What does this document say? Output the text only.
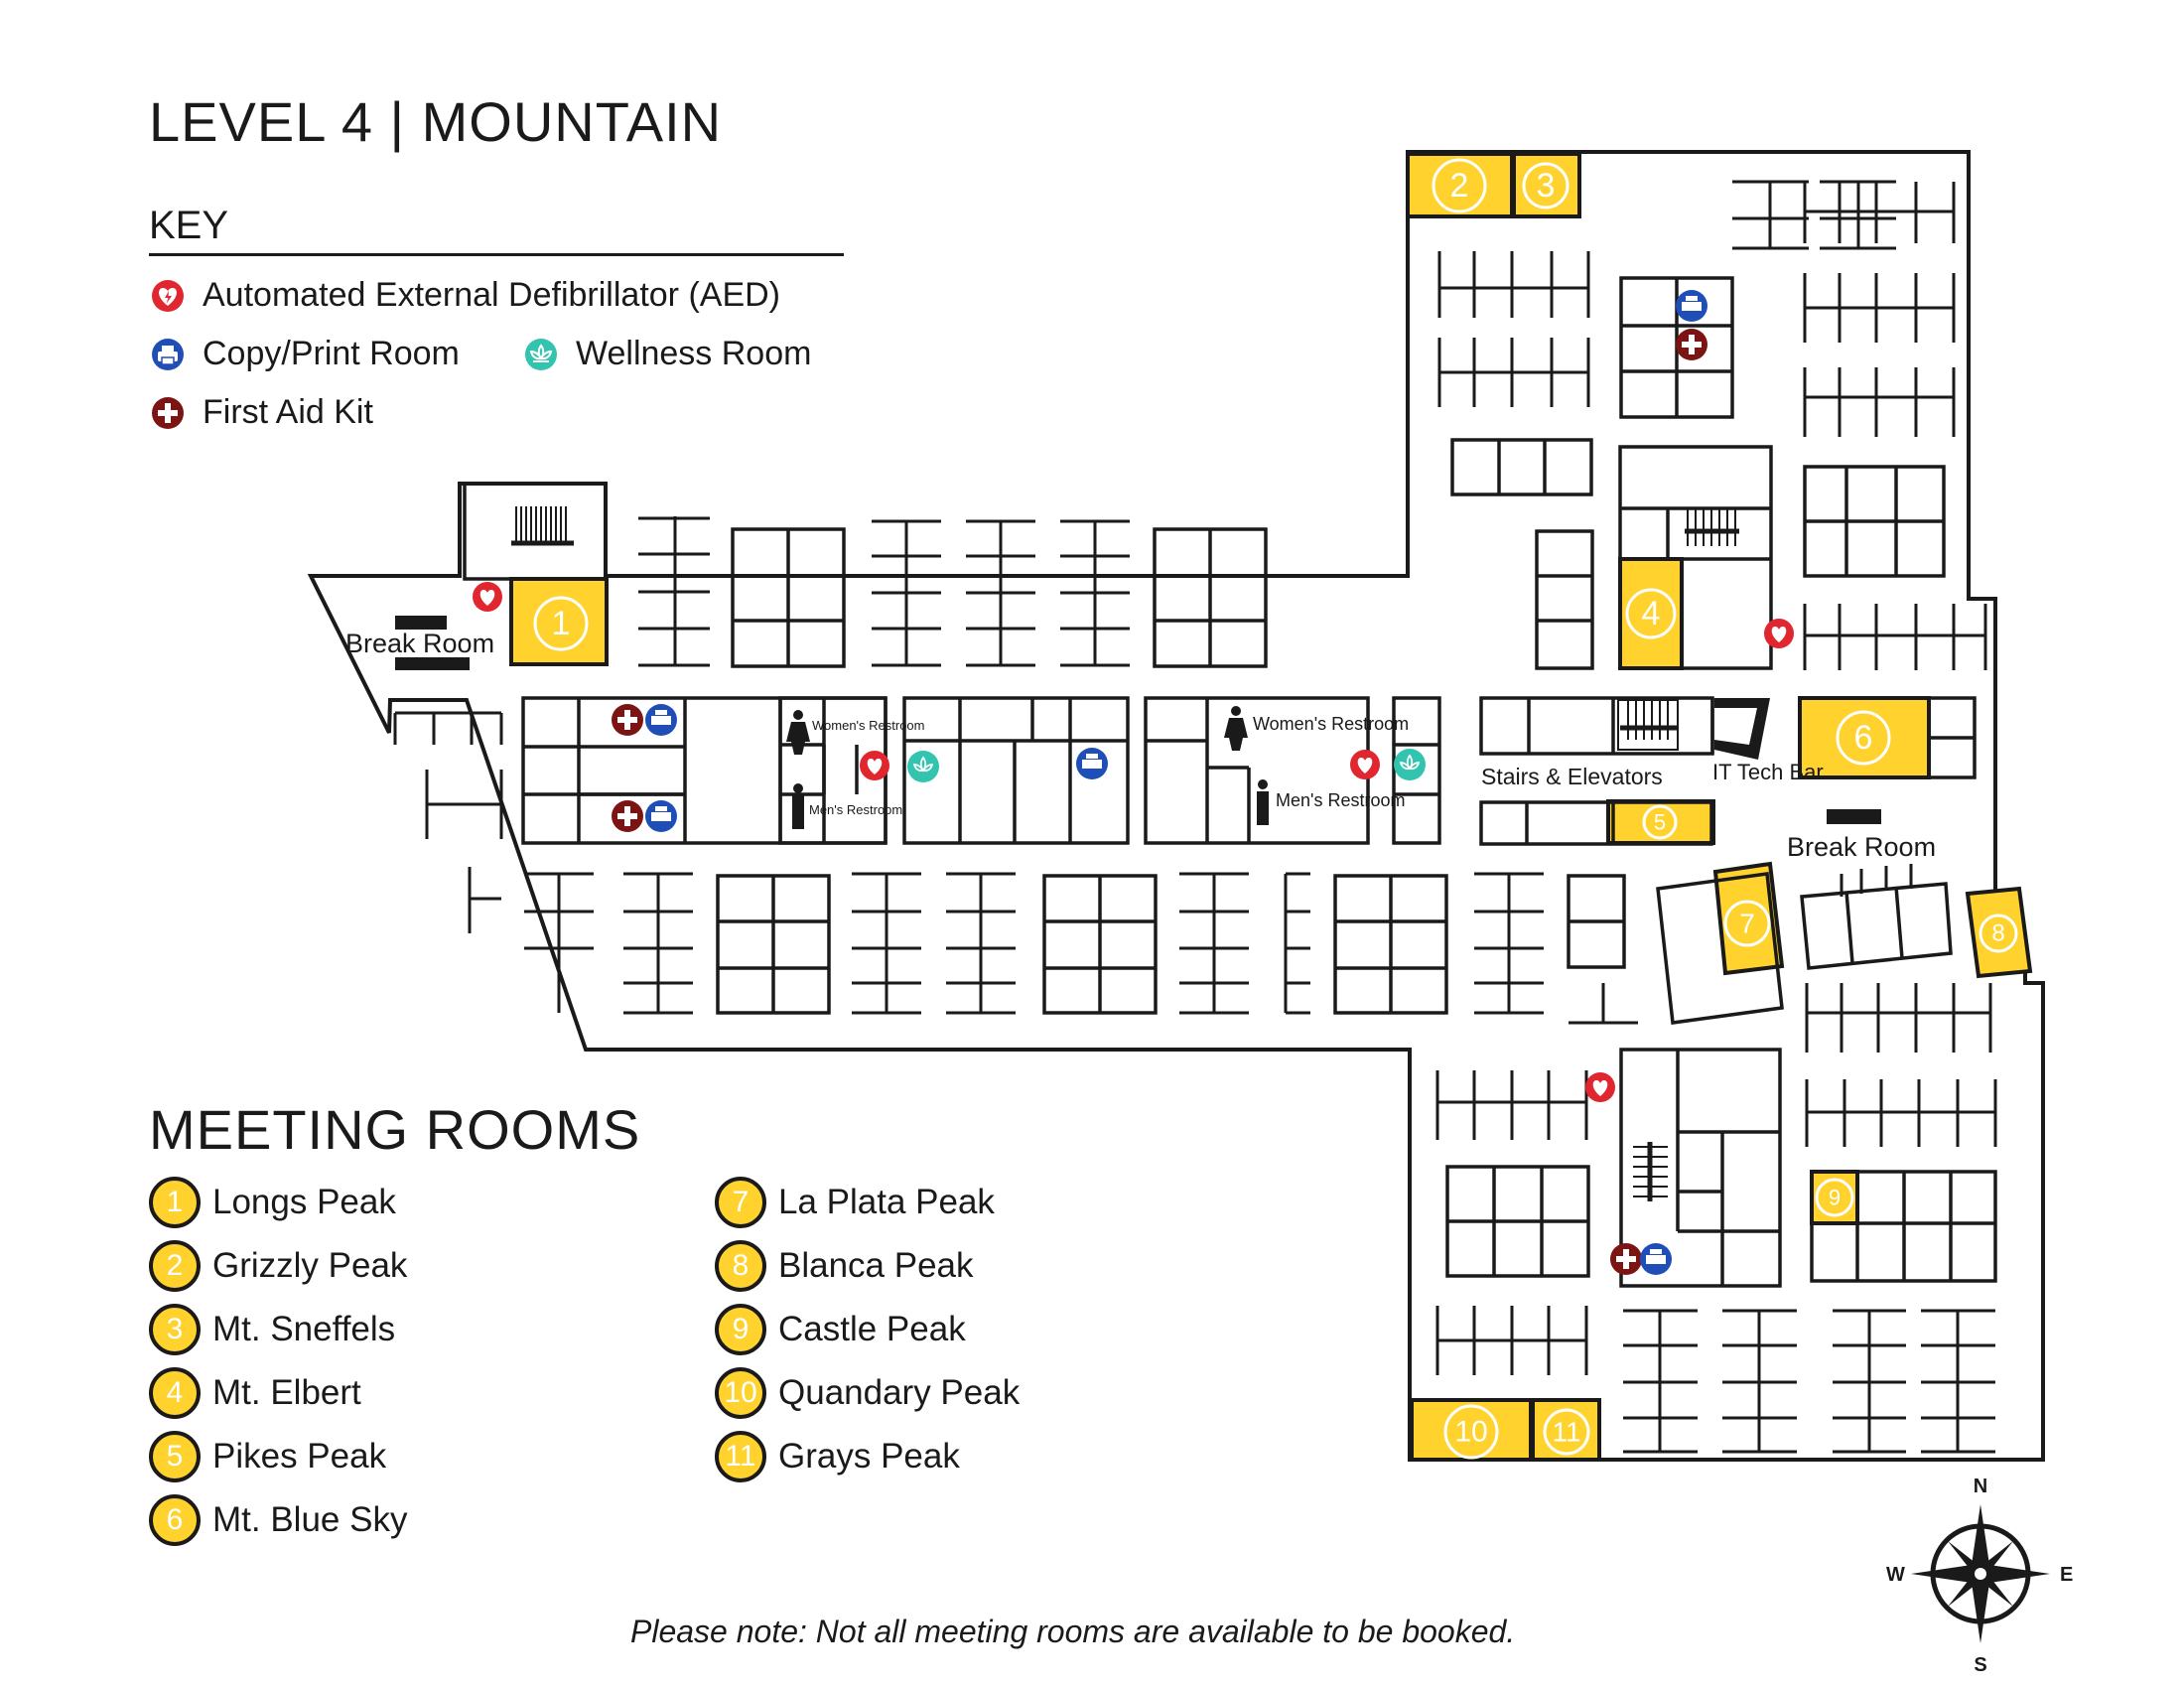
LEVEL 4 | MOUNTAIN
KEY
Automated External Defibrillator (AED)
Copy/Print Room	Wellness Room
First Aid Kit
1
2 3
4
5
6
7	8
9
10 11
Break Room
Break Room
Stairs & Elevators IT Tech Bar
Women's Restroom
Men's Restroom
Women's Restroom
Men's Restroom
N
S
E
W
MEETING ROOMS
1 Longs Peak
2 Grizzly Peak
3 Mt. Sneffels
4 Mt. Elbert
5 Pikes Peak
6 Mt. Blue Sky
7 La Plata Peak
8 Blanca Peak
9 Castle Peak
10 Quandary Peak
11 Grays Peak
Please note: Not all meeting rooms are available to be booked.
